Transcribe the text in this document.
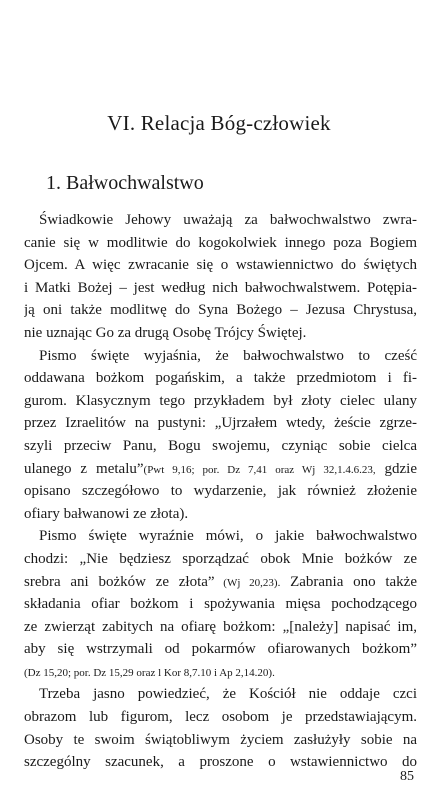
VI. Relacja Bóg-człowiek
1. Bałwochwalstwo
Świadkowie Jehowy uważają za bałwochwalstwo zwra-
canie się w modlitwie do kogokolwiek innego poza Bogiem
Ojcem. A więc zwracanie się o wstawiennictwo do świętych
i Matki Bożej – jest według nich bałwochwalstwem. Potępia-
ją oni także modlitwę do Syna Bożego – Jezusa Chrystusa,
nie uznając Go za drugą Osobę Trójcy Świętej.
Pismo święte wyjaśnia, że bałwochwalstwo to cześć
oddawana bożkom pogańskim, a także przedmiotom i fi-
gurom. Klasycznym tego przykładem był złoty cielec ulany
przez Izraelitów na pustyni: „Ujrzałem wtedy, żeście zgrze-
szyli przeciw Panu, Bogu swojemu, czyniąc sobie cielca
ulanego z metalu”(Pwt 9,16; por. Dz 7,41 oraz Wj 32,1.4.6.23, gdzie
opisano szczegółowo to wydarzenie, jak również złożenie
ofiary bałwanowi ze złota).
Pismo święte wyraźnie mówi, o jakie bałwochwalstwo
chodzi: „Nie będziesz sporządzać obok Mnie bożków ze
srebra ani bożków ze złota” (Wj 20,23). Zabrania ono także
składania ofiar bożkom i spożywania mięsa pochodzącego
ze zwierząt zabitych na ofiarę bożkom: „[należy] napisać im,
aby się wstrzymali od pokarmów ofiarowanych bożkom”
(Dz 15,20; por. Dz 15,29 oraz l Kor 8,7.10 i Ap 2,14.20).
Trzeba jasno powiedzieć, że Kościół nie oddaje czci
obrazom lub figurom, lecz osobom je przedstawiającym.
Osoby te swoim świątobliwym życiem zasłużyły sobie na
szczególny szacunek, a proszone o wstawiennictwo do
85
